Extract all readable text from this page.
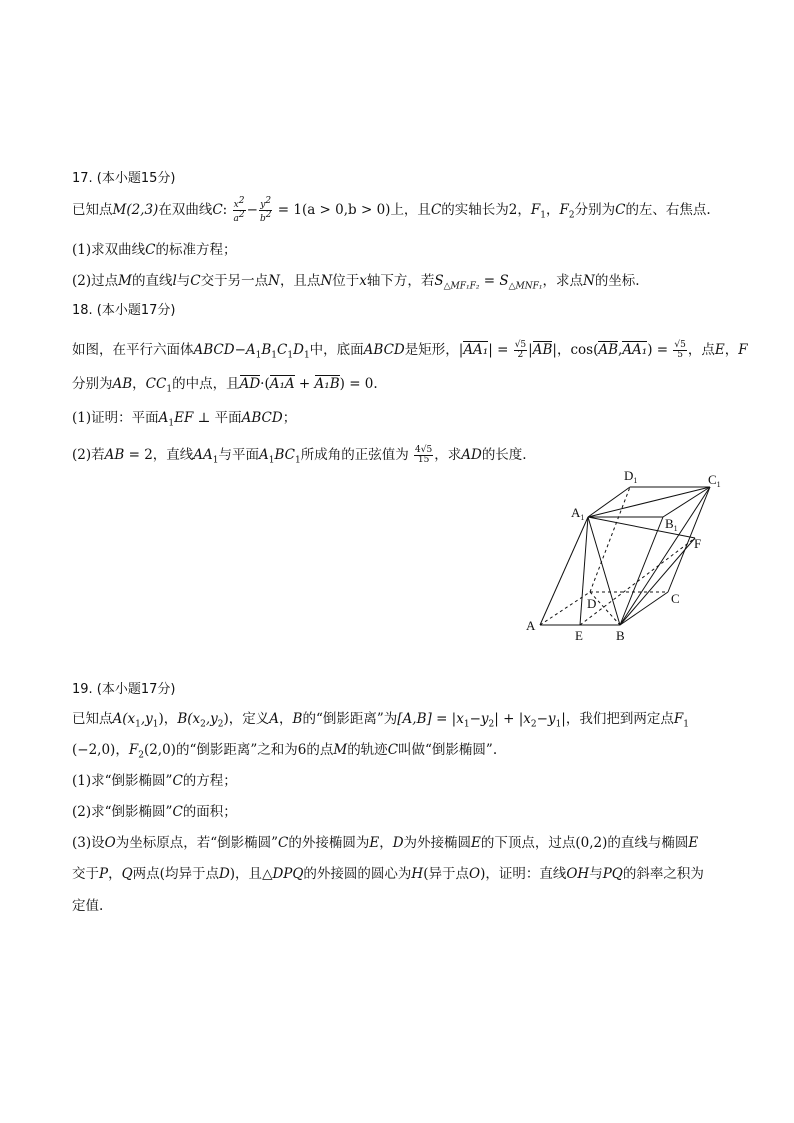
17. (本小题15分)
已知点M(2,3)在双曲线C: $\frac{x^2}{a^2} - \frac{y^2}{b^2} = 1(a > 0,b > 0)$上，且C的实轴长为2，$F_1$，$F_2$分别为C的左、右焦点.
(1)求双曲线C的标准方程；
(2)过点M的直线l与C交于另一点N，且点N位于x轴下方，若$S_{\triangle MF_1F_2} = S_{\triangle MNF_1}$，求点N的坐标.
18. (本小题17分)
如图，在平行六面体$ABCD-A_1B_1C_1D_1$中，底面ABCD是矩形，$|AA_1| = \frac{√5}{2} |AB|$，$\cos(AB,AA_1) = \frac{√5}{5}$ ，点E，F
分别为AB，$CC_1$的中点，且AD·(A₁A + A₁B) = 0.
(1)证明：平面$A_1EF$ ⊥ 平面ABCD；
(2)若AB = 2，直线$AA_1$与平面$A_1BC_1$所成角的正弦值为 $\frac{4√5}{15}$ ，求AD的长度.
A
E	B
C
D
F
$A_1$	$B_1$
$C_1$
$D_1$
19. (本小题17分)
已知点$A(x_1,y_1)$，$B(x_2,y_2)$，定义A，B的“倒影距离”为$[A,B] = |x_1-y_2| + |x_2-y_1|$，我们把到两定点$F_1$
(−2,0)，$F_2(2,0)$的“倒影距离”之和为6的点M的轨迹C叫做“倒影椭圆”.
(1)求“倒影椭圆”C的方程；
(2)求“倒影椭圆”C的面积；
(3)设O为坐标原点，若“倒影椭圆”C的外接椭圆为E，D为外接椭圆E的下顶点，过点(0,2)的直线与椭圆E
交于P，Q两点(均异于点D)，且△DPQ的外接圆的圆心为H(异于点O)，证明：直线OH与PQ的斜率之积为
定值.
